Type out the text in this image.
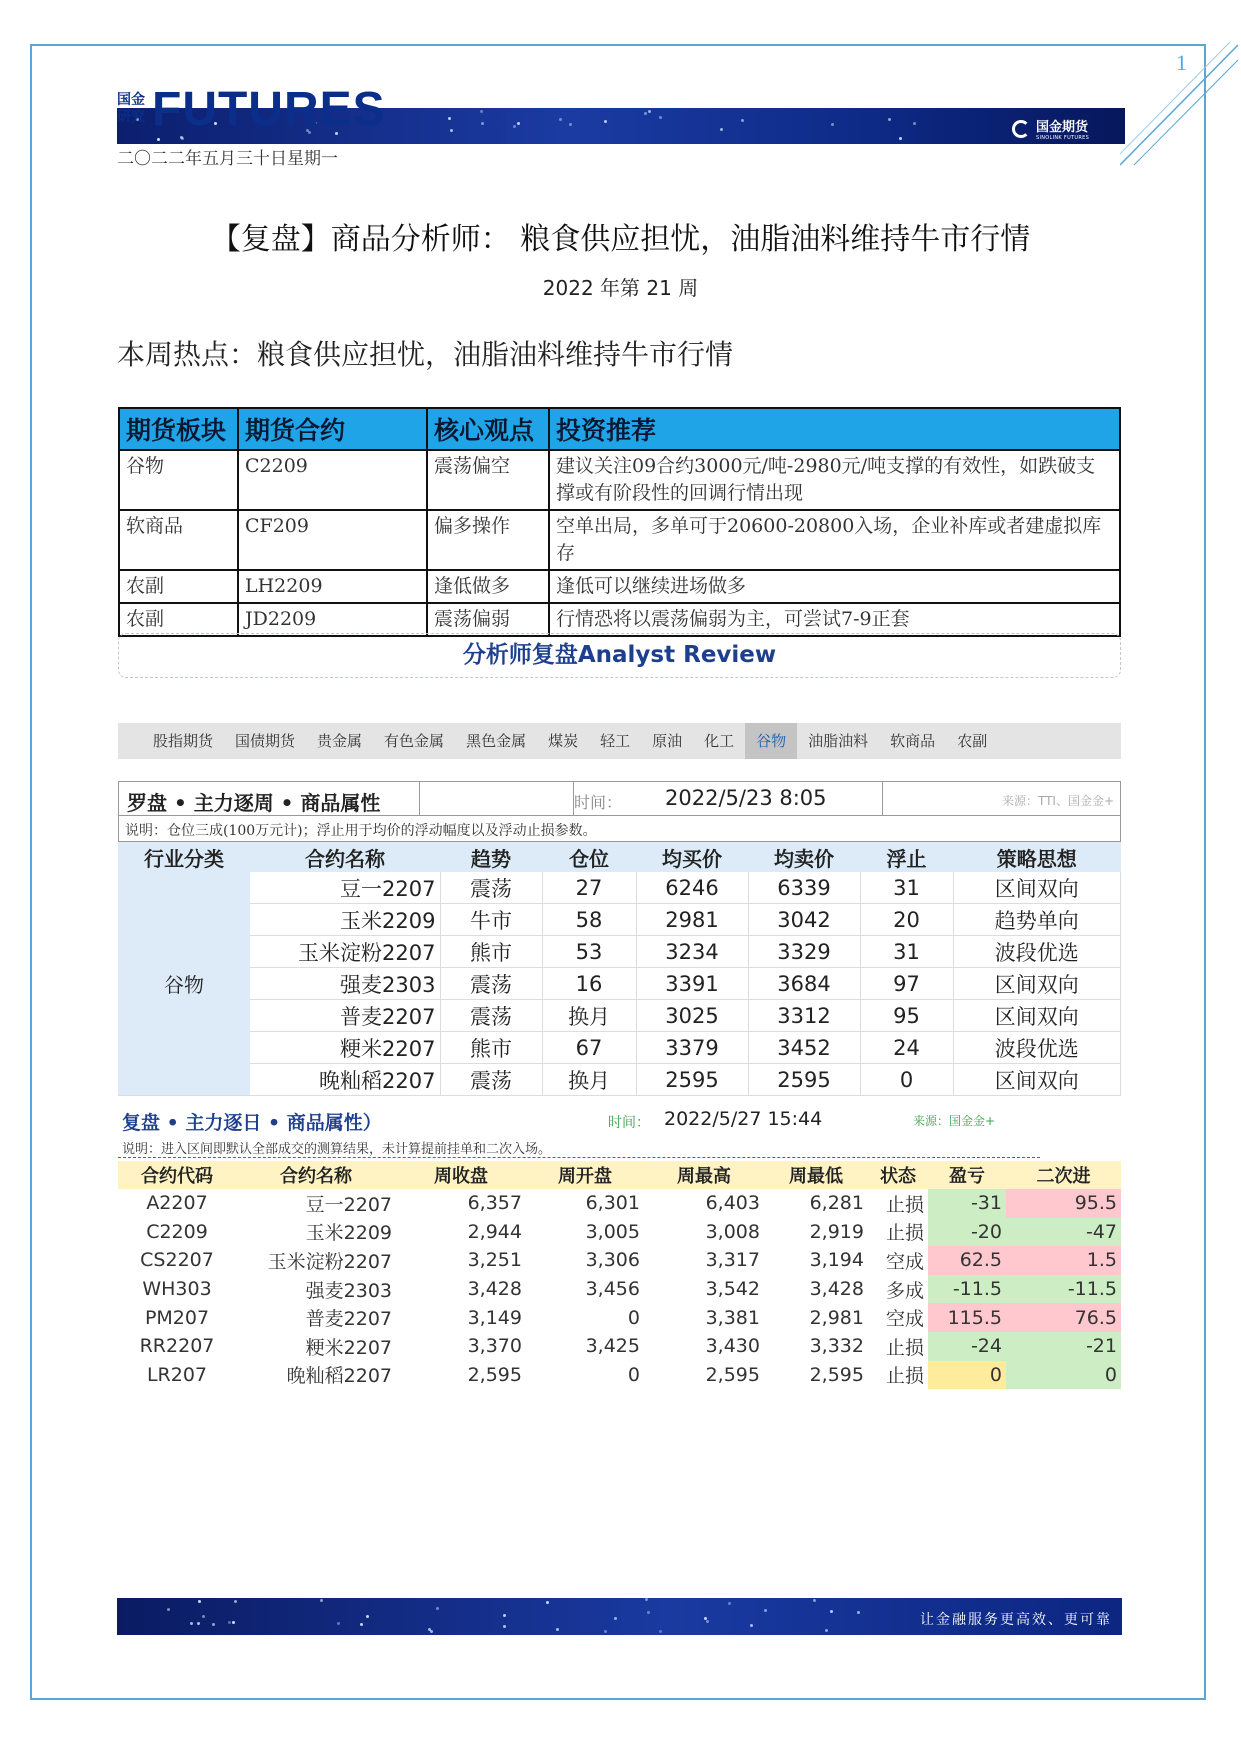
1
国金研究 FUTURES	国金期货
SINOLINK FUTURES
二〇二二年五月三十日星期一
【复盘】商品分析师： 粮食供应担忧，油脂油料维持牛市行情
2022 年第 21 周
本周热点：粮食供应担忧，油脂油料维持牛市行情
期货板块	期货合约	核心观点	投资推荐
谷物	C2209	震荡偏空	建议关注09合约3000元/吨-2980元/吨支撑的有效性，如跌破支撑或有阶段性的回调行情出现
软商品	CF209	偏多操作	空单出局，多单可于20600-20800入场，企业补库或者建虚拟库存
农副	LH2209	逢低做多	逢低可以继续进场做多
农副	JD2209	震荡偏弱	行情恐将以震荡偏弱为主，可尝试7-9正套
分析师复盘Analyst Review
股指期货	国债期货	贵金属	有色金属	黑色金属	煤炭	轻工	原油	化工	谷物	油脂油料	软商品	农副
罗盘 • 主力逐周 • 商品属性	时间： 2022/5/23 8:05	来源：TTI、国金金+
说明：仓位三成(100万元计)；浮止用于均价的浮动幅度以及浮动止损参数。
行业分类	合约名称	趋势	仓位	均买价	均卖价	浮止	策略思想
谷物	豆一2207	震荡	27	6246	6339	31	区间双向
	玉米2209	牛市	58	2981	3042	20	趋势单向
	玉米淀粉2207	熊市	53	3234	3329	31	波段优选
	强麦2303	震荡	16	3391	3684	97	区间双向
	普麦2207	震荡	换月	3025	3312	95	区间双向
	粳米2207	熊市	67	3379	3452	24	波段优选
	晚籼稻2207	震荡	换月	2595	2595	0	区间双向
复盘 • 主力逐日 • 商品属性）	时间： 2022/5/27 15:44	来源：国金金+
说明：进入区间即默认全部成交的测算结果，未计算提前挂单和二次入场。
合约代码	合约名称	周收盘	周开盘	周最高	周最低	状态	盈亏	二次进
A2207	豆一2207	6,357	6,301	6,403	6,281	止损	-31	95.5
C2209	玉米2209	2,944	3,005	3,008	2,919	止损	-20	-47
CS2207	玉米淀粉2207	3,251	3,306	3,317	3,194	空成	62.5	1.5
WH303	强麦2303	3,428	3,456	3,542	3,428	多成	-11.5	-11.5
PM207	普麦2207	3,149	0	3,381	2,981	空成	115.5	76.5
RR2207	粳米2207	3,370	3,425	3,430	3,332	止损	-24	-21
LR207	晚籼稻2207	2,595	0	2,595	2,595	止损	0	0
让金融服务更高效、更可靠
